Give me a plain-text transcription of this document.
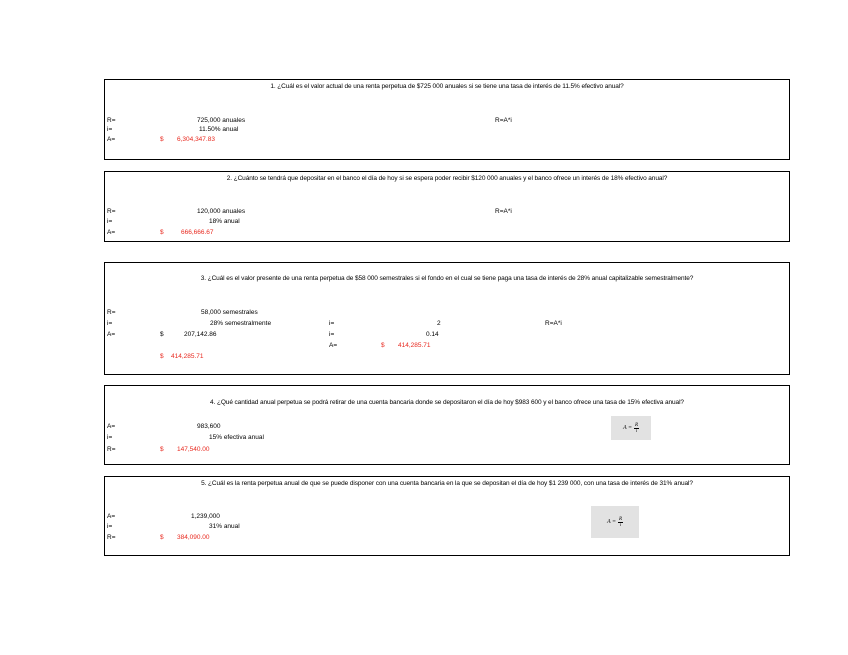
1. ¿Cuál es el valor actual de una renta perpetua de $725 000 anuales si se tiene una tasa de interés de 11.5% efectivo anual?
R=
i=
A=
725,000 anuales
11.50% anual
$ 6,304,347.83
R=A*i
2. ¿Cuánto se tendrá que depositar en el banco el día de hoy si se espera poder recibir $120 000 anuales y el banco ofrece un interés de 18% efectivo anual?
R=
i=
A=
120,000 anuales
18% anual
$	666,666.67
R=A*i
3. ¿Cuál es el valor presente de una renta perpetua de $58 000 semestrales si el fondo en el cual se tiene paga una tasa de interés de 28% anual capitalizable semestralmente?
R=
i=
A=
58,000 semestrales
28% semestralmente
$	207,142.86
$ 414,285.71
i=
i=
A=
2
0.14
$ 414,285.71
R=A*i
4. ¿Qué cantidad anual perpetua se podrá retirar de una cuenta bancaria donde se depositaron el día de hoy $983 600 y el banco ofrece una tasa de 15% efectiva anual?
A=
i=
R=
983,600
15% efectiva anual
$ 147,540.00
$A = \frac{R}{i}$
5. ¿Cuál es la renta perpetua anual de que se puede disponer con una cuenta bancaria en la que se depositan el día de hoy $1 239 000, con una tasa de interés de 31% anual?
A=
i=
R=
1,239,000
31% anual
$ 384,090.00
$A = \frac{R}{i}$
